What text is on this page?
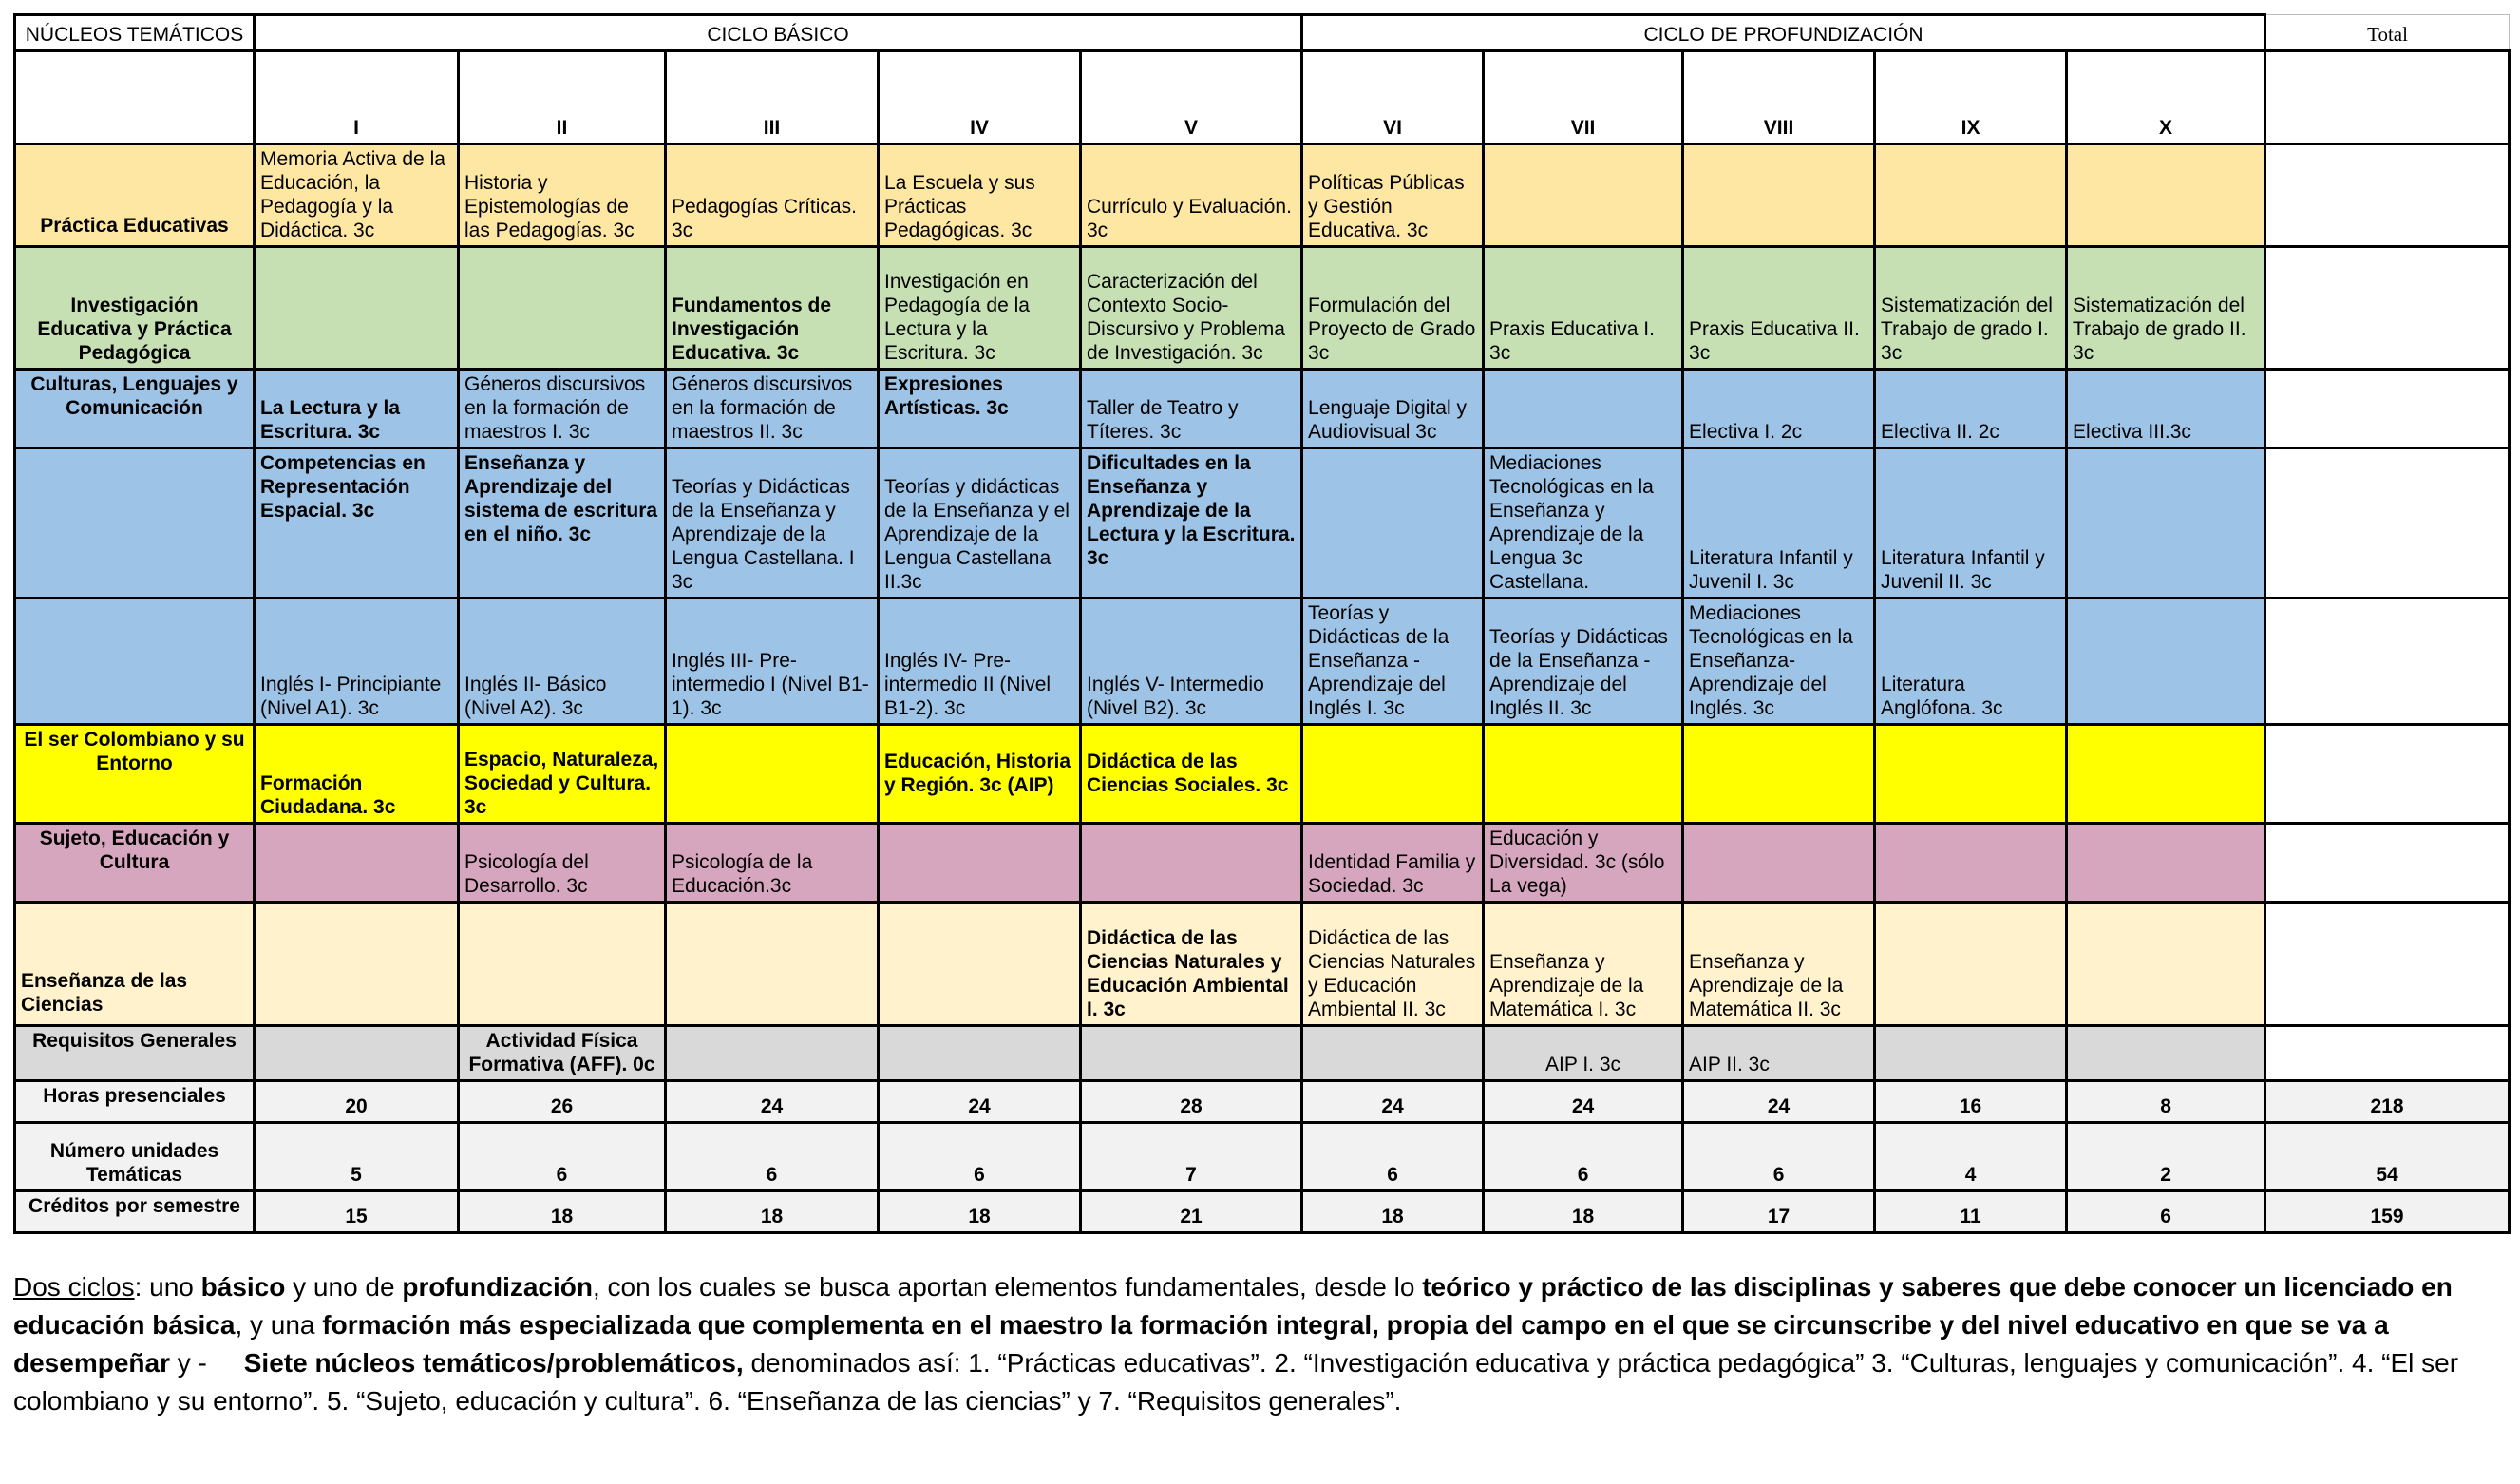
NÚCLEOS TEMÁTICOS	CICLO BÁSICO					CICLO DE PROFUNDIZACIÓN					Total
	I	II	III	IV	V	VI	VII	VIII	IX	X	
Práctica Educativas	Memoria Activa de la Educación, la Pedagogía y la Didáctica. 3c	Historia y Epistemologías de las Pedagogías. 3c	Pedagogías Críticas. 3c	La Escuela y sus Prácticas Pedagógicas. 3c	Currículo y Evaluación. 3c	Políticas Públicas y Gestión Educativa. 3c					
Investigación Educativa y Práctica Pedagógica			Fundamentos de Investigación Educativa. 3c	Investigación en Pedagogía de la Lectura y la Escritura. 3c	Caracterización del Contexto Socio-Discursivo y Problema de Investigación. 3c	Formulación del Proyecto de Grado 3c	Praxis Educativa I. 3c	Praxis Educativa II. 3c	Sistematización del Trabajo de grado I. 3c	Sistematización del Trabajo de grado II. 3c	
Culturas, Lenguajes y Comunicación	La Lectura y la Escritura. 3c	Géneros discursivos en la formación de maestros I. 3c	Géneros discursivos en la formación de maestros II. 3c	Expresiones Artísticas. 3c	Taller de Teatro y Títeres. 3c	Lenguaje Digital y Audiovisual 3c		Electiva I. 2c	Electiva II. 2c	Electiva III.3c	
	Competencias en Representación Espacial. 3c	Enseñanza y Aprendizaje del sistema de escritura en el niño. 3c	Teorías y Didácticas de la Enseñanza y Aprendizaje de la Lengua Castellana. I 3c	Teorías y didácticas de la Enseñanza y el Aprendizaje de la Lengua Castellana II.3c	Dificultades en la Enseñanza y Aprendizaje de la Lectura y la Escritura. 3c		Mediaciones Tecnológicas en la Enseñanza y Aprendizaje de la Lengua 3c Castellana.	Literatura Infantil y Juvenil I. 3c	Literatura Infantil y Juvenil II. 3c		
	Inglés I- Principiante (Nivel A1). 3c	Inglés II- Básico (Nivel A2). 3c	Inglés III- Pre-intermedio I (Nivel B1-1). 3c	Inglés IV- Pre-intermedio II (Nivel B1-2). 3c	Inglés V- Intermedio (Nivel B2). 3c	Teorías y Didácticas de la Enseñanza -Aprendizaje del Inglés I. 3c	Teorías y Didácticas de la Enseñanza - Aprendizaje del Inglés II. 3c	Mediaciones Tecnológicas en la Enseñanza- Aprendizaje del Inglés. 3c	Literatura Anglófona. 3c		
El ser Colombiano y su Entorno	Formación Ciudadana. 3c	Espacio, Naturaleza, Sociedad y Cultura. 3c		Educación, Historia y Región. 3c (AIP)	Didáctica de las Ciencias Sociales. 3c						
Sujeto, Educación y Cultura		Psicología del Desarrollo. 3c	Psicología de la Educación.3c			Identidad Familia y Sociedad. 3c	Educación y Diversidad. 3c (sólo La vega)				
Enseñanza de las Ciencias					Didáctica de las Ciencias Naturales y Educación Ambiental I. 3c	Didáctica de las Ciencias Naturales y Educación Ambiental II. 3c	Enseñanza y Aprendizaje de la Matemática I. 3c	Enseñanza y Aprendizaje de la Matemática II. 3c			
Requisitos Generales		Actividad Física Formativa (AFF). 0c					AIP I. 3c	AIP II. 3c			
Horas presenciales	20	26	24	24	28	24	24	24	16	8	218
Número unidades Temáticas	5	6	6	6	7	6	6	6	4	2	54
Créditos por semestre	15	18	18	18	21	18	18	17	11	6	159
Dos ciclos: uno básico y uno de profundización, con los cuales se busca aportan elementos fundamentales, desde lo teórico y práctico de las disciplinas y saberes que debe conocer un licenciado en educación básica, y una formación más especializada que complementa en el maestro la formación integral, propia del campo en el que se circunscribe y del nivel educativo en que se va a desempeñar y -     Siete núcleos temáticos/problemáticos, denominados así: 1. “Prácticas educativas”. 2. “Investigación educativa y práctica pedagógica” 3. “Culturas, lenguajes y comunicación”. 4. “El ser colombiano y su entorno”. 5. “Sujeto, educación y cultura”. 6. “Enseñanza de las ciencias” y 7. “Requisitos generales”.
